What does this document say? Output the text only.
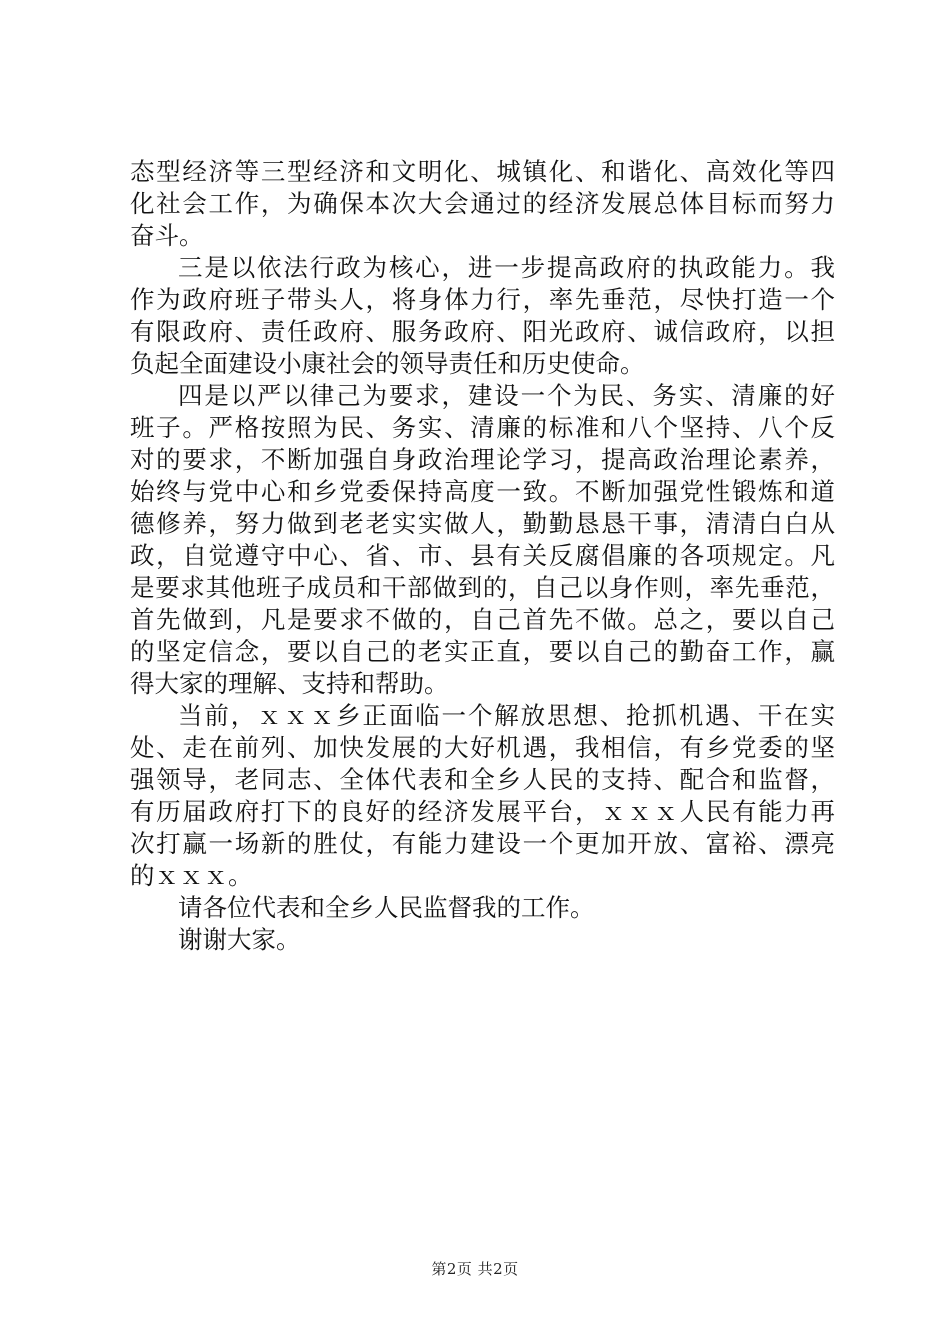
态型经济等三型经济和文明化、城镇化、和谐化、高效化等四
化社会工作，为确保本次大会通过的经济发展总体目标而努力
奋斗。
三是以依法行政为核心，进一步提高政府的执政能力。我
作为政府班子带头人，将身体力行，率先垂范，尽快打造一个
有限政府、责任政府、服务政府、阳光政府、诚信政府，以担
负起全面建设小康社会的领导责任和历史使命。
四是以严以律己为要求，建设一个为民、务实、清廉的好
班子。严格按照为民、务实、清廉的标准和八个坚持、八个反
对的要求，不断加强自身政治理论学习，提高政治理论素养，
始终与党中心和乡党委保持高度一致。不断加强党性锻炼和道
德修养，努力做到老老实实做人，勤勤恳恳干事，清清白白从
政，自觉遵守中心、省、市、县有关反腐倡廉的各项规定。凡
是要求其他班子成员和干部做到的，自己以身作则，率先垂范，
首先做到，凡是要求不做的，自己首先不做。总之，要以自己
的坚定信念，要以自己的老实正直，要以自己的勤奋工作，赢
得大家的理解、支持和帮助。
当前，ｘｘｘ乡正面临一个解放思想、抢抓机遇、干在实
处、走在前列、加快发展的大好机遇，我相信，有乡党委的坚
强领导，老同志、全体代表和全乡人民的支持、配合和监督，
有历届政府打下的良好的经济发展平台，ｘｘｘ人民有能力再
次打赢一场新的胜仗，有能力建设一个更加开放、富裕、漂亮
的ｘｘｘ。
请各位代表和全乡人民监督我的工作。
谢谢大家。
第2页 共2页
